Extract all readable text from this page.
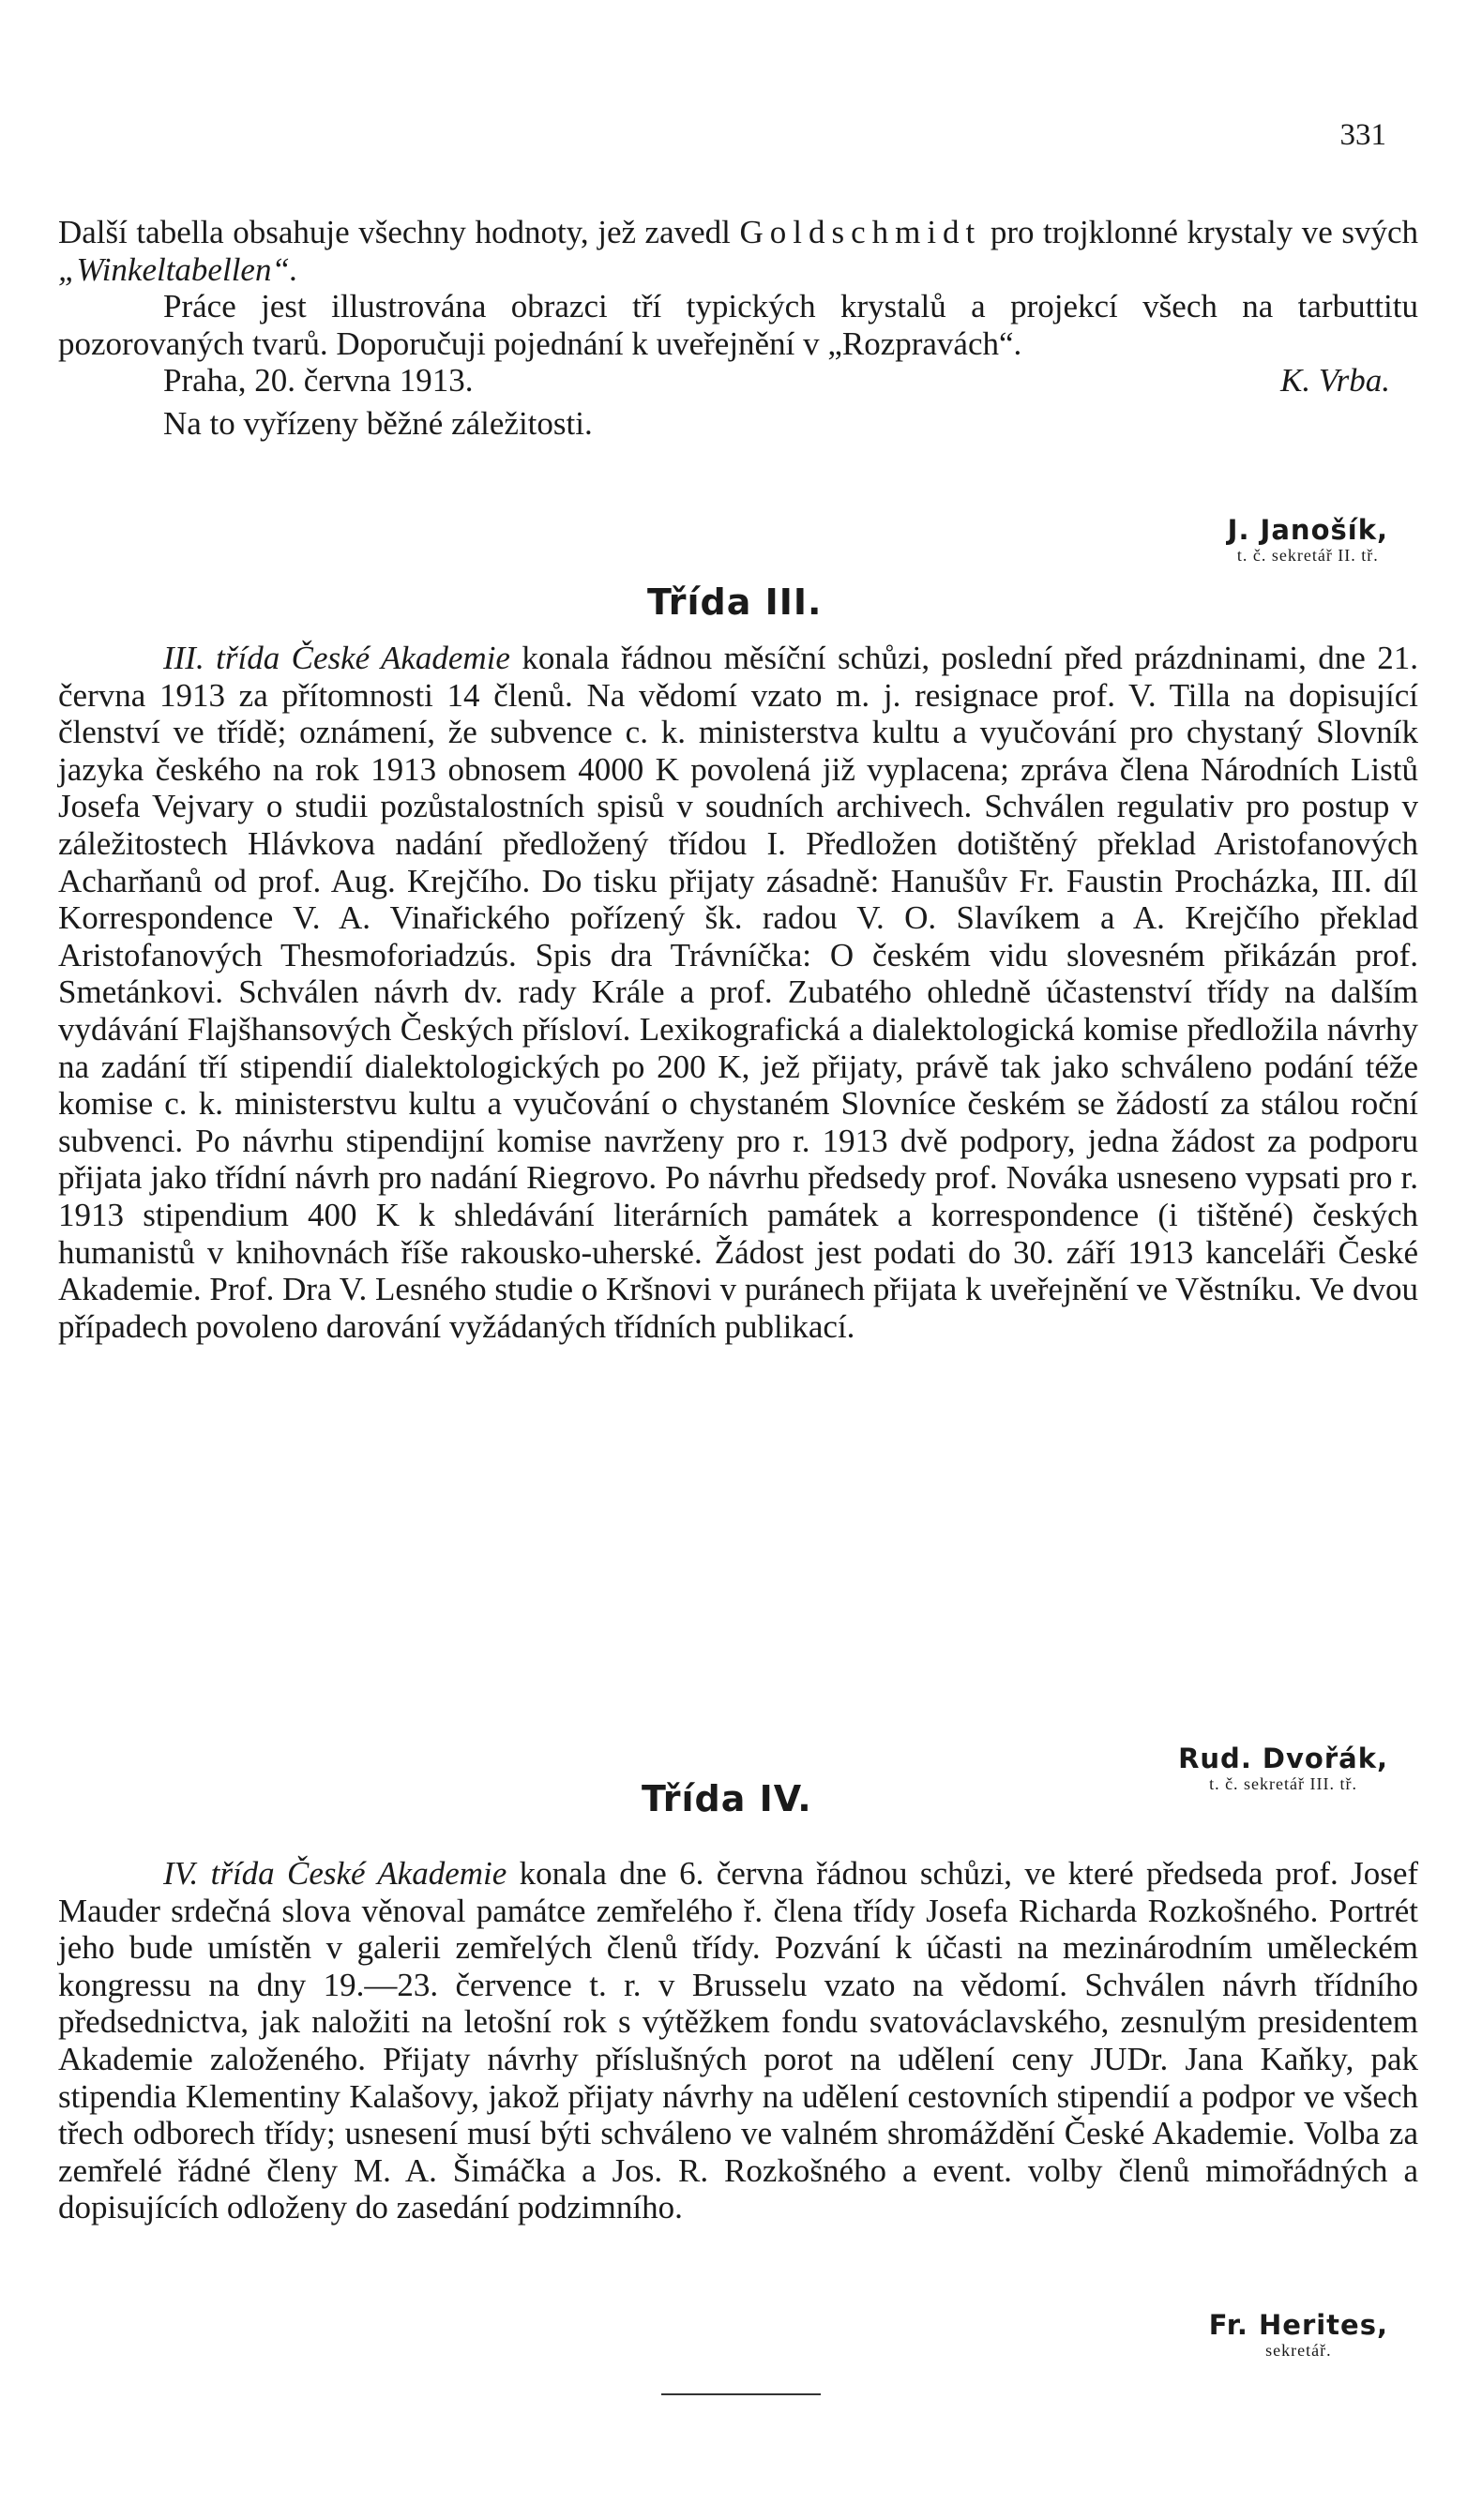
331

Další tabella obsahuje všechny hodnoty, jež zavedl Goldschmidt pro trojklonné krystaly ve svých „Winkeltabellen“.

Práce jest illustrována obrazci tří typických krystalů a projekcí všech na tarbuttitu pozorovaných tvarů. Doporučuji pojednání k uveřejnění v „Rozpravách“.

Praha, 20. června 1913.	K. Vrba.

Na to vyřízeny běžné záležitosti.

J. Janošík,
t. č. sekretář II. tř.
Třída III.
III. třída České Akademie konala řádnou měsíční schůzi, poslední před prázdninami, dne 21. června 1913 za přítomnosti 14 členů. Na vědomí vzato m. j. resignace prof. V. Tilla na dopisující členství ve třídě; oznámení, že subvence c. k. ministerstva kultu a vyučování pro chystaný Slovník jazyka českého na rok 1913 obnosem 4000 K povolená již vyplacena; zpráva člena Národních Listů Josefa Vejvary o studii pozůstalostních spisů v soudních archivech. Schválen regulativ pro postup v záležitostech Hlávkova nadání předložený třídou I. Předložen dotištěný překlad Aristofanových Acharňanů od prof. Aug. Krejčího. Do tisku přijaty zásadně: Hanušův Fr. Faustin Procházka, III. díl Korrespondence V. A. Vinařického pořízený šk. radou V. O. Slavíkem a A. Krejčího překlad Aristofanových Thesmoforiadzús. Spis dra Trávníčka: O českém vidu slovesném přikázán prof. Smetánkovi. Schválen návrh dv. rady Krále a prof. Zubatého ohledně účastenství třídy na dalším vydávání Flajšhansových Českých přísloví. Lexikografická a dialektologická komise předložila návrhy na zadání tří stipendií dialektologických po 200 K, jež přijaty, právě tak jako schváleno podání téže komise c. k. ministerstvu kultu a vyučování o chystaném Slovníce českém se žádostí za stálou roční subvenci. Po návrhu stipendijní komise navrženy pro r. 1913 dvě podpory, jedna žádost za podporu přijata jako třídní návrh pro nadání Riegrovo. Po návrhu předsedy prof. Nováka usneseno vypsati pro r. 1913 stipendium 400 K k shledávání literárních památek a korrespondence (i tištěné) českých humanistů v knihovnách říše rakousko-uherské. Žádost jest podati do 30. září 1913 kanceláři České Akademie. Prof. Dra V. Lesného studie o Kršnovi v puránech přijata k uveřejnění ve Věstníku. Ve dvou případech povoleno darování vyžádaných třídních publikací.
Rud. Dvořák,
t. č. sekretář III. tř.
Třída IV.
IV. třída České Akademie konala dne 6. června řádnou schůzi, ve které předseda prof. Josef Mauder srdečná slova věnoval památce zemřelého ř. člena třídy Josefa Richarda Rozkošného. Portrét jeho bude umístěn v galerii zemřelých členů třídy. Pozvání k účasti na mezinárodním uměleckém kongressu na dny 19.—23. července t. r. v Brusselu vzato na vědomí. Schválen návrh třídního předsednictva, jak naložiti na letošní rok s výtěžkem fondu svatováclavského, zesnulým presidentem Akademie založeného. Přijaty návrhy příslušných porot na udělení ceny JUDr. Jana Kaňky, pak stipendia Klementiny Kalašovy, jakož přijaty návrhy na udělení cestovních stipendií a podpor ve všech třech odborech třídy; usnesení musí býti schváleno ve valném shromáždění České Akademie. Volba za zemřelé řádné členy M. A. Šimáčka a Jos. R. Rozkošného a event. volby členů mimořádných a dopisujících odloženy do zasedání podzimního.
Fr. Herites,
sekretář.
